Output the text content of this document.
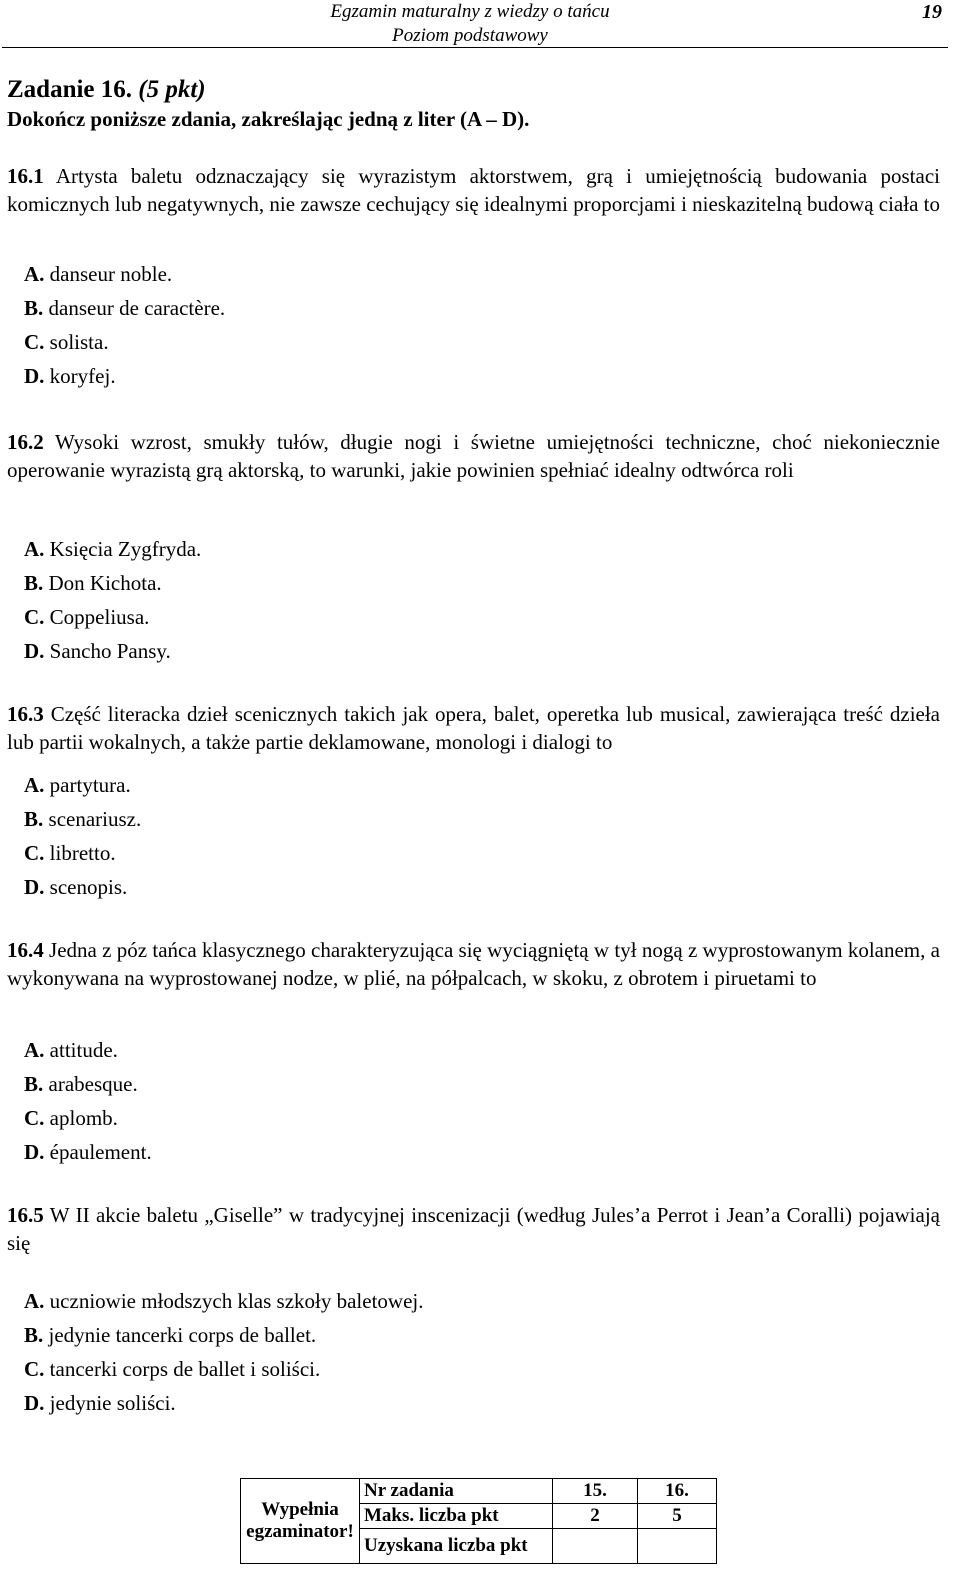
Egzamin maturalny z wiedzy o tańcu
Poziom podstawowy
19
Zadanie 16. (5 pkt)
Dokończ poniższe zdania, zakreślając jedną z liter (A – D).
16.1 Artysta baletu odznaczający się wyrazistym aktorstwem, grą i umiejętnością budowania postaci komicznych lub negatywnych, nie zawsze cechujący się idealnymi proporcjami i nieskazitelną budową ciała to
A. danseur noble.
B. danseur de caractère.
C. solista.
D. koryfej.
16.2 Wysoki wzrost, smukły tułów, długie nogi i świetne umiejętności techniczne, choć niekoniecznie operowanie wyrazistą grą aktorską, to warunki, jakie powinien spełniać idealny odtwórca roli
A. Księcia Zygfryda.
B. Don Kichota.
C. Coppeliusa.
D. Sancho Pansy.
16.3 Część literacka dzieł scenicznych takich jak opera, balet, operetka lub musical, zawierająca treść dzieła lub partii wokalnych, a także partie deklamowane, monologi i dialogi to
A. partytura.
B. scenariusz.
C. libretto.
D. scenopis.
16.4 Jedna z póz tańca klasycznego charakteryzująca się wyciągniętą w tył nogą z wyprostowanym kolanem, a wykonywana na wyprostowanej nodze, w plié, na półpalcach, w skoku, z obrotem i piruetami to
A. attitude.
B. arabesque.
C. aplomb.
D. épaulement.
16.5 W II akcie baletu „Giselle” w tradycyjnej inscenizacji (według Jules’a Perrot i Jean’a Coralli) pojawiają się
A. uczniowie młodszych klas szkoły baletowej.
B. jedynie tancerki corps de ballet.
C. tancerki corps de ballet i soliści.
D. jedynie soliści.
Wypełnia egzaminator!	Nr zadania	15.	16.
	Maks. liczba pkt	2	5
	Uzyskana liczba pkt		
